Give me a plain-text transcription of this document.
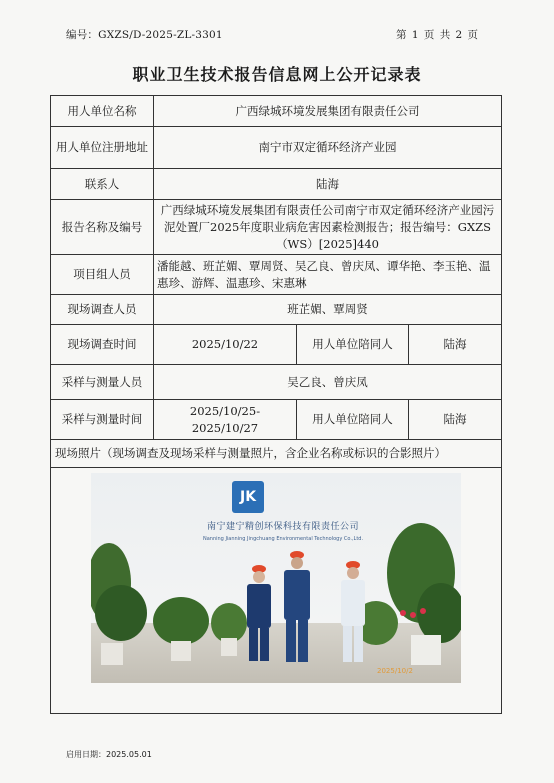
编号：GXZS/D-2025-ZL-3301	第 1 页 共 2 页
职业卫生技术报告信息网上公开记录表
用人单位名称	广西绿城环境发展集团有限责任公司		
用人单位注册地址	南宁市双定循环经济产业园		
联系人	陆海		
报告名称及编号	广西绿城环境发展集团有限责任公司南宁市双定循环经济产业园污泥处置厂2025年度职业病危害因素检测报告；报告编号：GXZS（WS）[2025]440		
项目组人员	潘能越、班芷媚、覃周贤、吴乙良、曾庆凤、谭华艳、李玉艳、温惠珍、游辉、温惠珍、宋惠琳		
现场调查人员	班芷媚、覃周贤		
现场调查时间	2025/10/22	用人单位陪同人	陆海
采样与测量人员	吴乙良、曾庆凤		
采样与测量时间	2025/10/25-2025/10/27	用人单位陪同人	陆海
现场照片（现场调查及现场采样与测量照片，含企业名称或标识的合影照片）			

JK
南宁建宁精创环保科技有限责任公司
Nanning Jianning Jingchuang Environmental Technology Co.,Ltd.
2025/10/2			
启用日期：2025.05.01
